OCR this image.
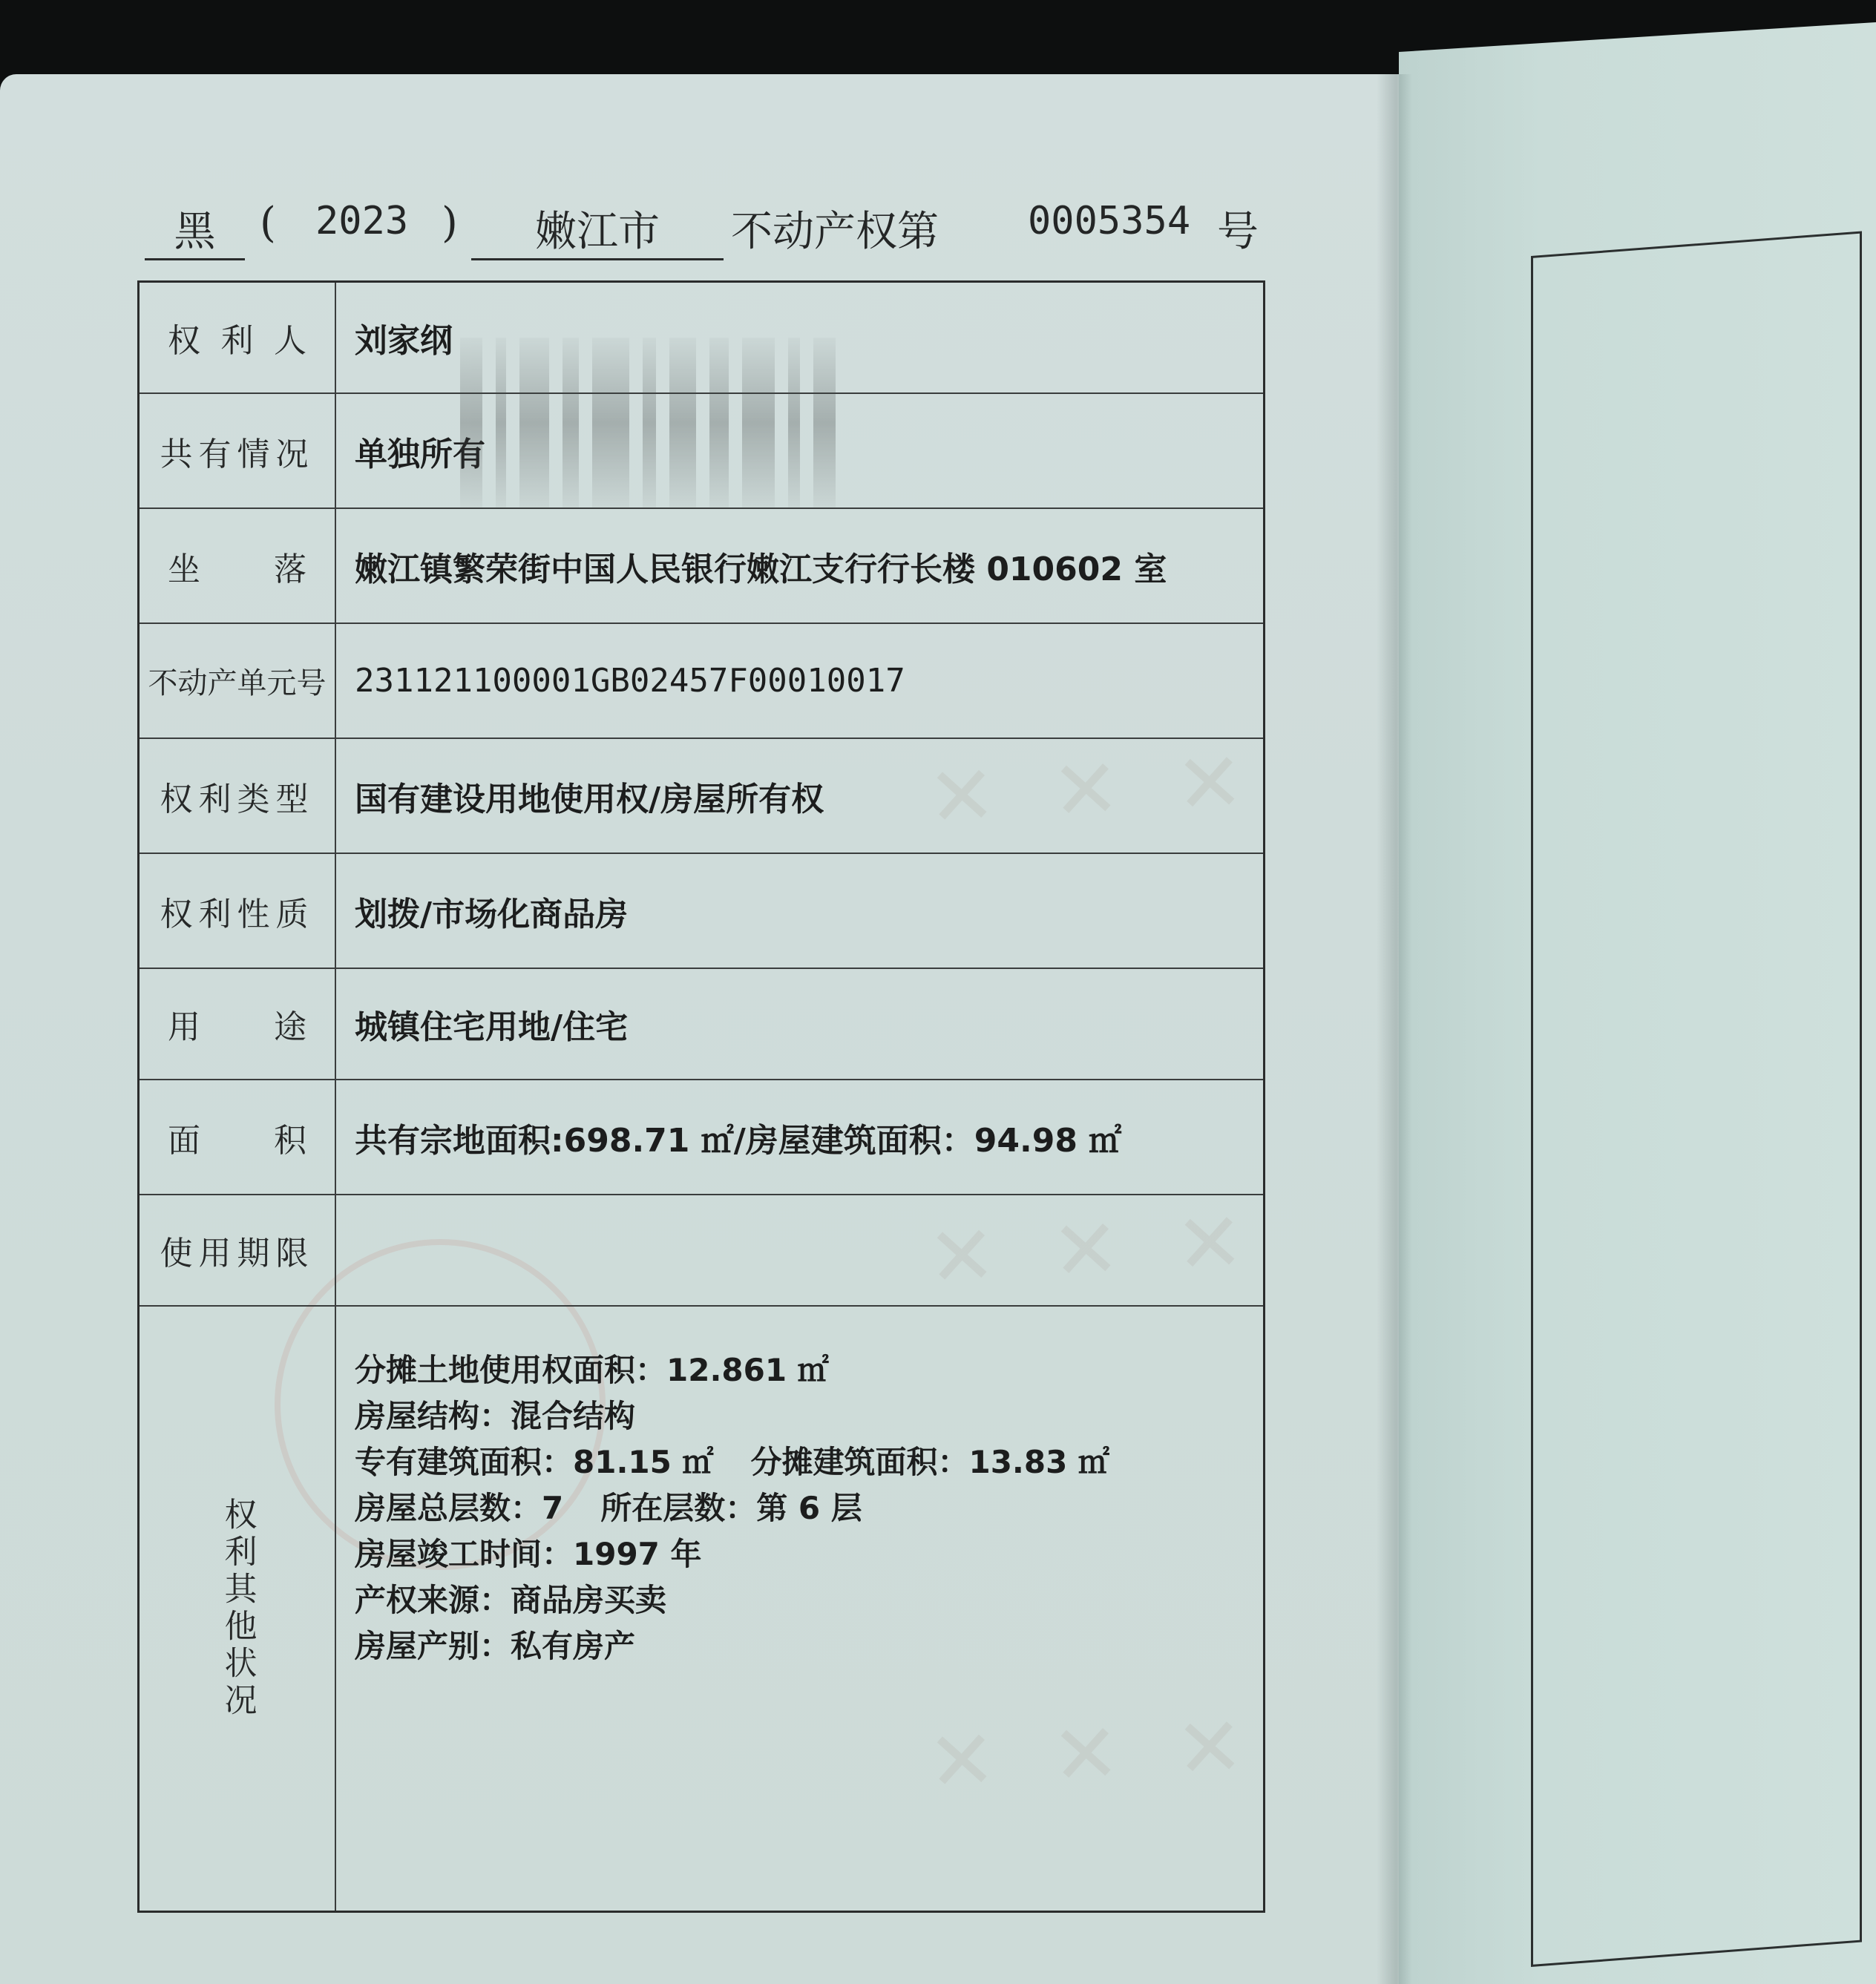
✕ ✕ ✕
✕ ✕ ✕
✕ ✕ ✕
黑	( 2023 )	嫩江市	不动产权第 0005354 号
权 利 人 刘家纲
共有情况	单独所有
坐 落 嫩江镇繁荣街中国人民银行嫩江支行行长楼 010602 室
不动产单元号 231121100001GB02457F00010017
权利类型	国有建设用地使用权/房屋所有权
权利性质	划拨/市场化商品房
用 途 城镇住宅用地/住宅
面 积 共有宗地面积:698.71 ㎡/房屋建筑面积：94.98 ㎡
使用期限
权利其他状况
分摊土地使用权面积：12.861 ㎡
房屋结构：混合结构
专有建筑面积：81.15 ㎡ 分摊建筑面积：13.83 ㎡
房屋总层数：7 所在层数：第 6 层
房屋竣工时间：1997 年
产权来源：商品房买卖
房屋产别：私有房产
